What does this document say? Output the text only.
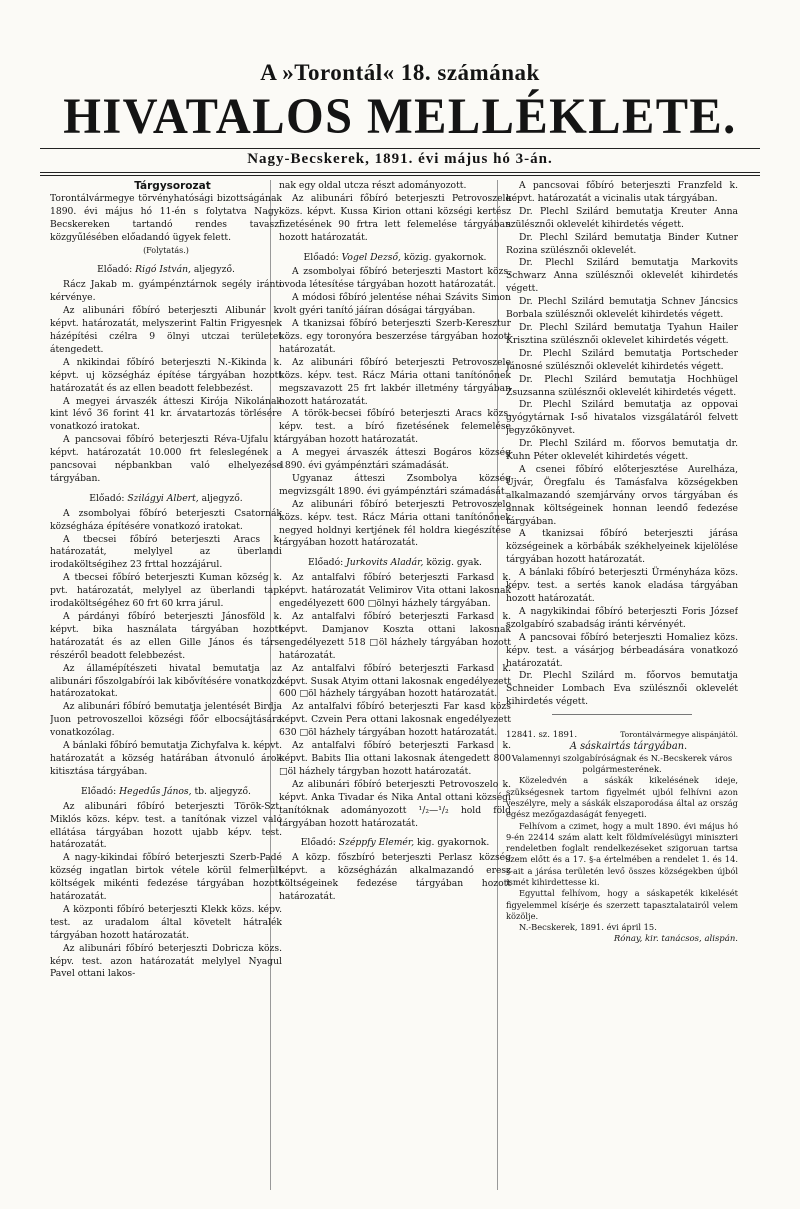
A »Torontál« 18. számának
HIVATALOS MELLÉKLETE.
Nagy-Becskerek, 1891. évi május hó 3-án.

Tárgysorozat

Torontálvármegye törvényhatósági bizottságának 1890. évi május hó 11-én s folytatva Nagy-Becskereken tartandó rendes tavaszi közgyűlésében előadandó ügyek felett.

(Folytatás.)

Előadó: Rigó István, aljegyző.

Rácz Jakab m. gyámpénztárnok segély iránti kérvénye.

Az alibunári főbíró beterjeszti Alibunár k. képvt. határozatát, melyszerint Faltin Frigyesnek házépítési czélra 9 ölnyi utczai területet átengedett.

A nkikindai főbíró beterjeszti N.-Kikinda k. képvt. uj községház építése tárgyában hozott határozatát és az ellen beadott felebbezést.

A megyei árvaszék átteszi Kirója Nikolának kint lévő 36 forint 41 kr. árvatartozás törlésére vonatkozó iratokat.

A pancsovai főbíró beterjeszti Réva-Ujfalu k. képvt. határozatát 10.000 frt feleslegének a pancsovai népbankban való elhelyezése tárgyában.

Előadó: Szilágyi Albert, aljegyző.

A zsombolyai főbíró beterjeszti Csatornák községháza építésére vonatkozó iratokat.

A tbecsei főbíró beterjeszti Aracs k. határozatát, melylyel az überlandi irodaköltségihez 23 frttal hozzájárul.

A tbecsei főbíró beterjeszti Kuman község k. pvt. határozatát, melylyel az überlandi tap. irodaköltségéhez 60 frt 60 krra járul.

A párdányi főbíró beterjeszti Jánosföld k. képvt. bika használata tárgyában hozott határozatát és az ellen Gille János és társ. részéről beadott felebbezést.

Az államépítészeti hivatal bemutatja az alibunári főszolgabírói lak kibővítésére vonatkozó határozatokat.

Az alibunári főbíró bemutatja jelentését Birdja Juon petrovoszelloi községi főőr elbocsájtására vonatkozólag.

A bánlaki főbíró bemutatja Zichyfalva k. képvt. határozatát a község határában átvonuló árok kitisztása tárgyában.

Előadó: Hegedűs János, tb. aljegyző.

Az alibunári főbíró beterjeszti Török-Szt. Miklós közs. képv. test. a tanítónak vizzel való ellátása tárgyában hozott ujabb képv. test. határozatát.

A nagy-kikindai főbíró beterjeszti Szerb-Padé község ingatlan birtok vétele körül felmerült költségek mikénti fedezése tárgyában hozott határozatát.

A központi főbíró beterjeszti Klekk közs. képv. test. az uradalom által követelt hátralék tárgyában hozott határozatát.

Az alibunári főbíró beterjeszti Dobricza közs. képv. test. azon határozatát melylyel Nyagul Pavel ottani lakos-

nak egy oldal utcza részt adományozott.

Az alibunári főbíró beterjeszti Petrovoszelo közs. képvt. Kussa Kirion ottani községi kertész fizetésének 90 frtra lett felemelése tárgyában hozott határozatát.

Előadó: Vogel Dezső, közig. gyakornok.

A zsombolyai főbíró beterjeszti Mastort közs. ovoda létesítése tárgyában hozott határozatát.

A módosi főbíró jelentése néhai Szávits Simon volt gyéri tanító jáíran dóságai tárgyában.

A tkanizsai főbíró beterjeszti Szerb-Keresztur közs. egy toronyóra beszerzése tárgyában hozott határozatát.

Az alibunári főbíró beterjeszti Petrovoszelo közs. képv. test. Rácz Mária ottani tanítónőnek megszavazott 25 frt lakbér illetmény tárgyában hozott határozatát.

A török-becsei főbíró beterjeszti Aracs közs. képv. test. a bíró fizetésének felemelése tárgyában hozott határozatát.

A megyei árvaszék átteszi Bogáros község 1890. évi gyámpénztári számadását.

Ugyanaz átteszi Zsombolya község megvizsgált 1890. évi gyámpénztári számadását.

Az alibunári főbíró beterjeszti Petrovoszelo közs. képv. test. Rácz Mária ottani tanítónőnek negyed holdnyi kertjének fél holdra kiegészítése tárgyában hozott határozatát.

Előadó: Jurkovits Aladár, közig. gyak.

Az antalfalvi főbíró beterjeszti Farkasd k. képvt. határozatát Velimirov Vita ottani lakosnak engedélyezett 600 □ölnyi házhely tárgyában.

Az antalfalvi főbíró beterjeszti Farkasd k. képvt. Damjanov Koszta ottani lakosnak engedélyezett 518 □öl házhely tárgyában hozott határozatát.

Az antalfalvi főbíró beterjeszti Farkasd k. képvt. Susak Atyim ottani lakosnak engedélyezett 600 □öl házhely tárgyában hozott határozatát.

Az antalfalvi főbíró beterjeszti Far kasd közs képvt. Czvein Pera ottani lakosnak engedélyezett 630 □öl házhely tárgyában hozott határozatát.

Az antalfalvi főbíró beterjeszti Farkasd k. képvt. Babits Ilia ottani lakosnak átengedett 800 □öl házhely tárgyban hozott határozatát.

Az alibunári főbíró beterjeszti Petrovoszelo k. képvt. Anka Tivadar és Nika Antal ottani községi tanítóknak adományozott ¹/₂—¹/₂ hold föld tárgyában hozott határozatát.

Előadó: Széppfy Elemér, kig. gyakornok.

A közp. főszbíró beterjeszti Perlasz község képvt. a községházán alkalmazandó eresz költségeinek fedezése tárgyában hozott határozatát.

A pancsovai főbíró beterjeszti Franzfeld k. képvt. határozatát a vicinalis utak tárgyában.

Dr. Plechl Szilárd bemutatja Kreuter Anna szülésznői oklevelét kihirdetés végett.

Dr. Plechl Szilárd bemutatja Binder Kutner Rozina szülésznői oklevelét.

Dr. Plechl Szilárd bemutatja Markovits Schwarz Anna szülésznői oklevelét kihirdetés végett.

Dr. Plechl Szilárd bemutatja Schnev Jáncsics Borbala szülésznői oklevelét kihirdetés végett.

Dr. Plechl Szilárd bemutatja Tyahun Hailer Krisztina szülésznői oklevelet kihirdetés végett.

Dr. Plechl Szilárd bemutatja Portscheder Jánosné szülésznői oklevelét kihirdetés végett.

Dr. Plechl Szilárd bemutatja Hochhügel Zsuzsanna szülésznői oklevelét kihirdetés végett.

Dr. Plechl Szilárd bemutatja az oppovai gyógytárnak I-ső hivatalos vizsgálatáról felvett jegyzőkönyvet.

Dr. Plechl Szilárd m. főorvos bemutatja dr. Kuhn Péter oklevelét kihirdetés végett.

A csenei főbíró előterjesztése Aurelháza, Ujvár, Öregfalu és Tamásfalva községekben alkalmazandó szemjárvány orvos tárgyában és annak költségeinek honnan leendő fedezése tárgyában.

A tkanizsai főbíró beterjeszti járása községeinek a körbábák székhelyeinek kijelölése tárgyában hozott határozatát.

A bánlaki főbíró beterjeszti Ürményháza közs. képv. test. a sertés kanok eladása tárgyában hozott határozatát.

A nagykikindai főbíró beterjeszti Foris József szolgabíró szabadság iránti kérvényét.

A pancsovai főbíró beterjeszti Homaliez közs. képv. test. a vásárjog bérbeadására vonatkozó határozatát.

Dr. Plechl Szilárd m. főorvos bemutatja Schneider Lombach Eva szülésznői oklevelét kihirdetés végett.

12841. sz. 1891.	Torontálvármegye alispánjától.

A sáskairtás tárgyában.

Valamennyi szolgabíróságnak és N.-Becskerek város polgármesterének.

Közeledvén a sáskák kikelésének ideje, szükségesnek tartom figyelmét ujból felhívni azon veszélyre, mely a sáskák elszaporodása által az ország egész mezőgazdaságát fenyegeti.

Felhívom a czimet, hogy a mult 1890. évi május hó 9-én 22414 szám alatt kelt földmívelésügyi miniszteri rendeletben foglalt rendelkezéseket szigoruan tartsa szem előtt és a 17. §-a értelmében a rendelet 1. és 14. §-ait a járása területén levő összes községekben újból ismét kihirdettesse ki.

Egyuttal felhívom, hogy a sáskapeték kikelését figyelemmel kísérje és szerzett tapasztalatairól velem közölje.

N.-Becskerek, 1891. évi ápril 15.

Rónay, kir. tanácsos, alispán.
